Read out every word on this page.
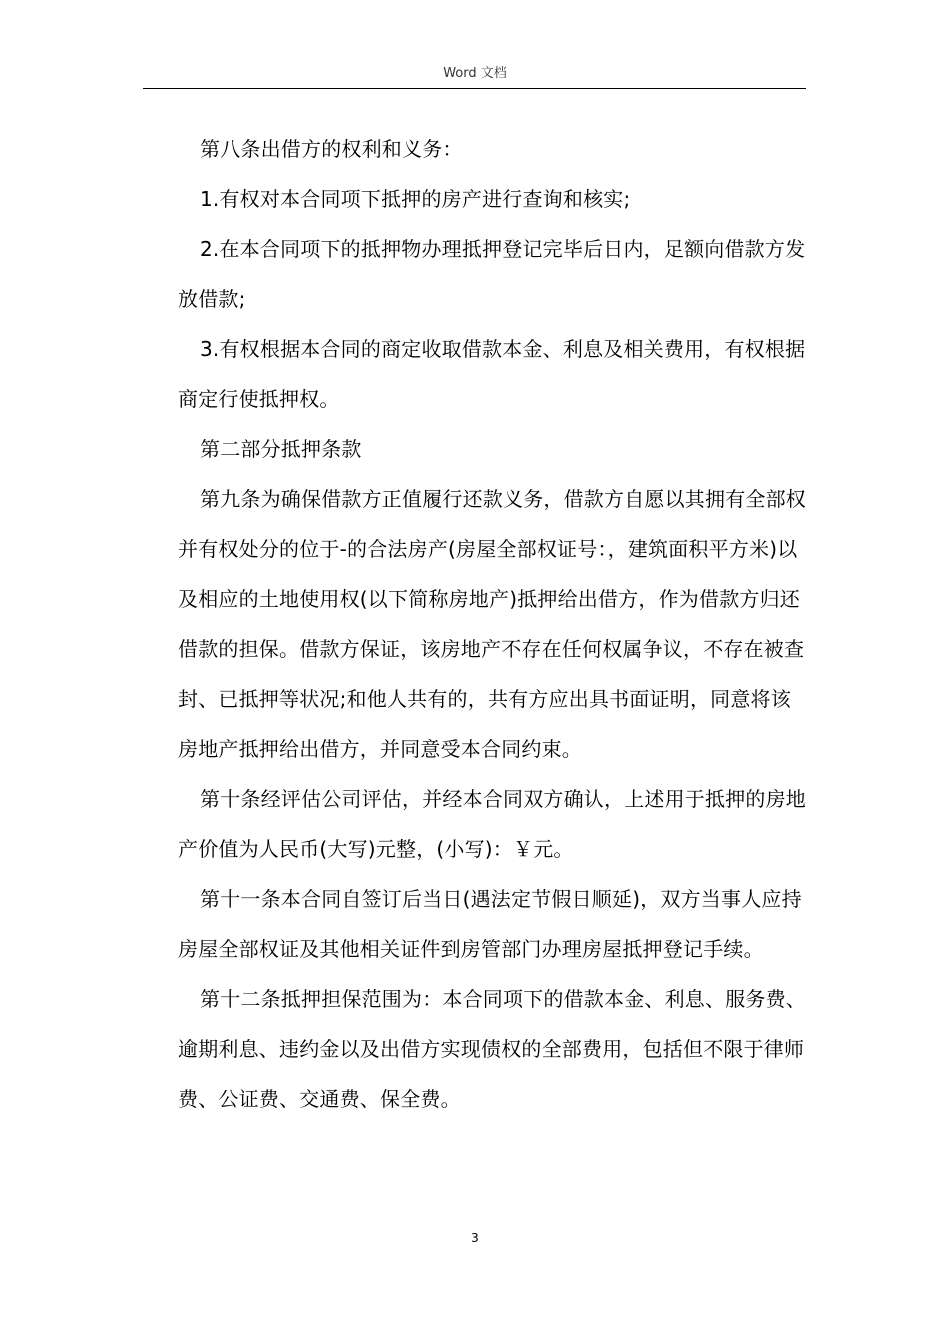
Word 文档

第八条出借方的权利和义务：

1.有权对本合同项下抵押的房产进行查询和核实;

2.在本合同项下的抵押物办理抵押登记完毕后日内，足额向借款方发放借款;

3.有权根据本合同的商定收取借款本金、利息及相关费用，有权根据商定行使抵押权。

第二部分抵押条款

第九条为确保借款方正值履行还款义务，借款方自愿以其拥有全部权并有权处分的位于-的合法房产(房屋全部权证号：，建筑面积平方米)以及相应的土地使用权(以下简称房地产)抵押给出借方，作为借款方归还借款的担保。借款方保证，该房地产不存在任何权属争议，不存在被查封、已抵押等状况;和他人共有的，共有方应出具书面证明，同意将该房地产抵押给出借方，并同意受本合同约束。

第十条经评估公司评估，并经本合同双方确认，上述用于抵押的房地产价值为人民币(大写)元整，(小写)：￥元。

第十一条本合同自签订后当日(遇法定节假日顺延)，双方当事人应持房屋全部权证及其他相关证件到房管部门办理房屋抵押登记手续。

第十二条抵押担保范围为：本合同项下的借款本金、利息、服务费、逾期利息、违约金以及出借方实现债权的全部费用，包括但不限于律师费、公证费、交通费、保全费。

3
